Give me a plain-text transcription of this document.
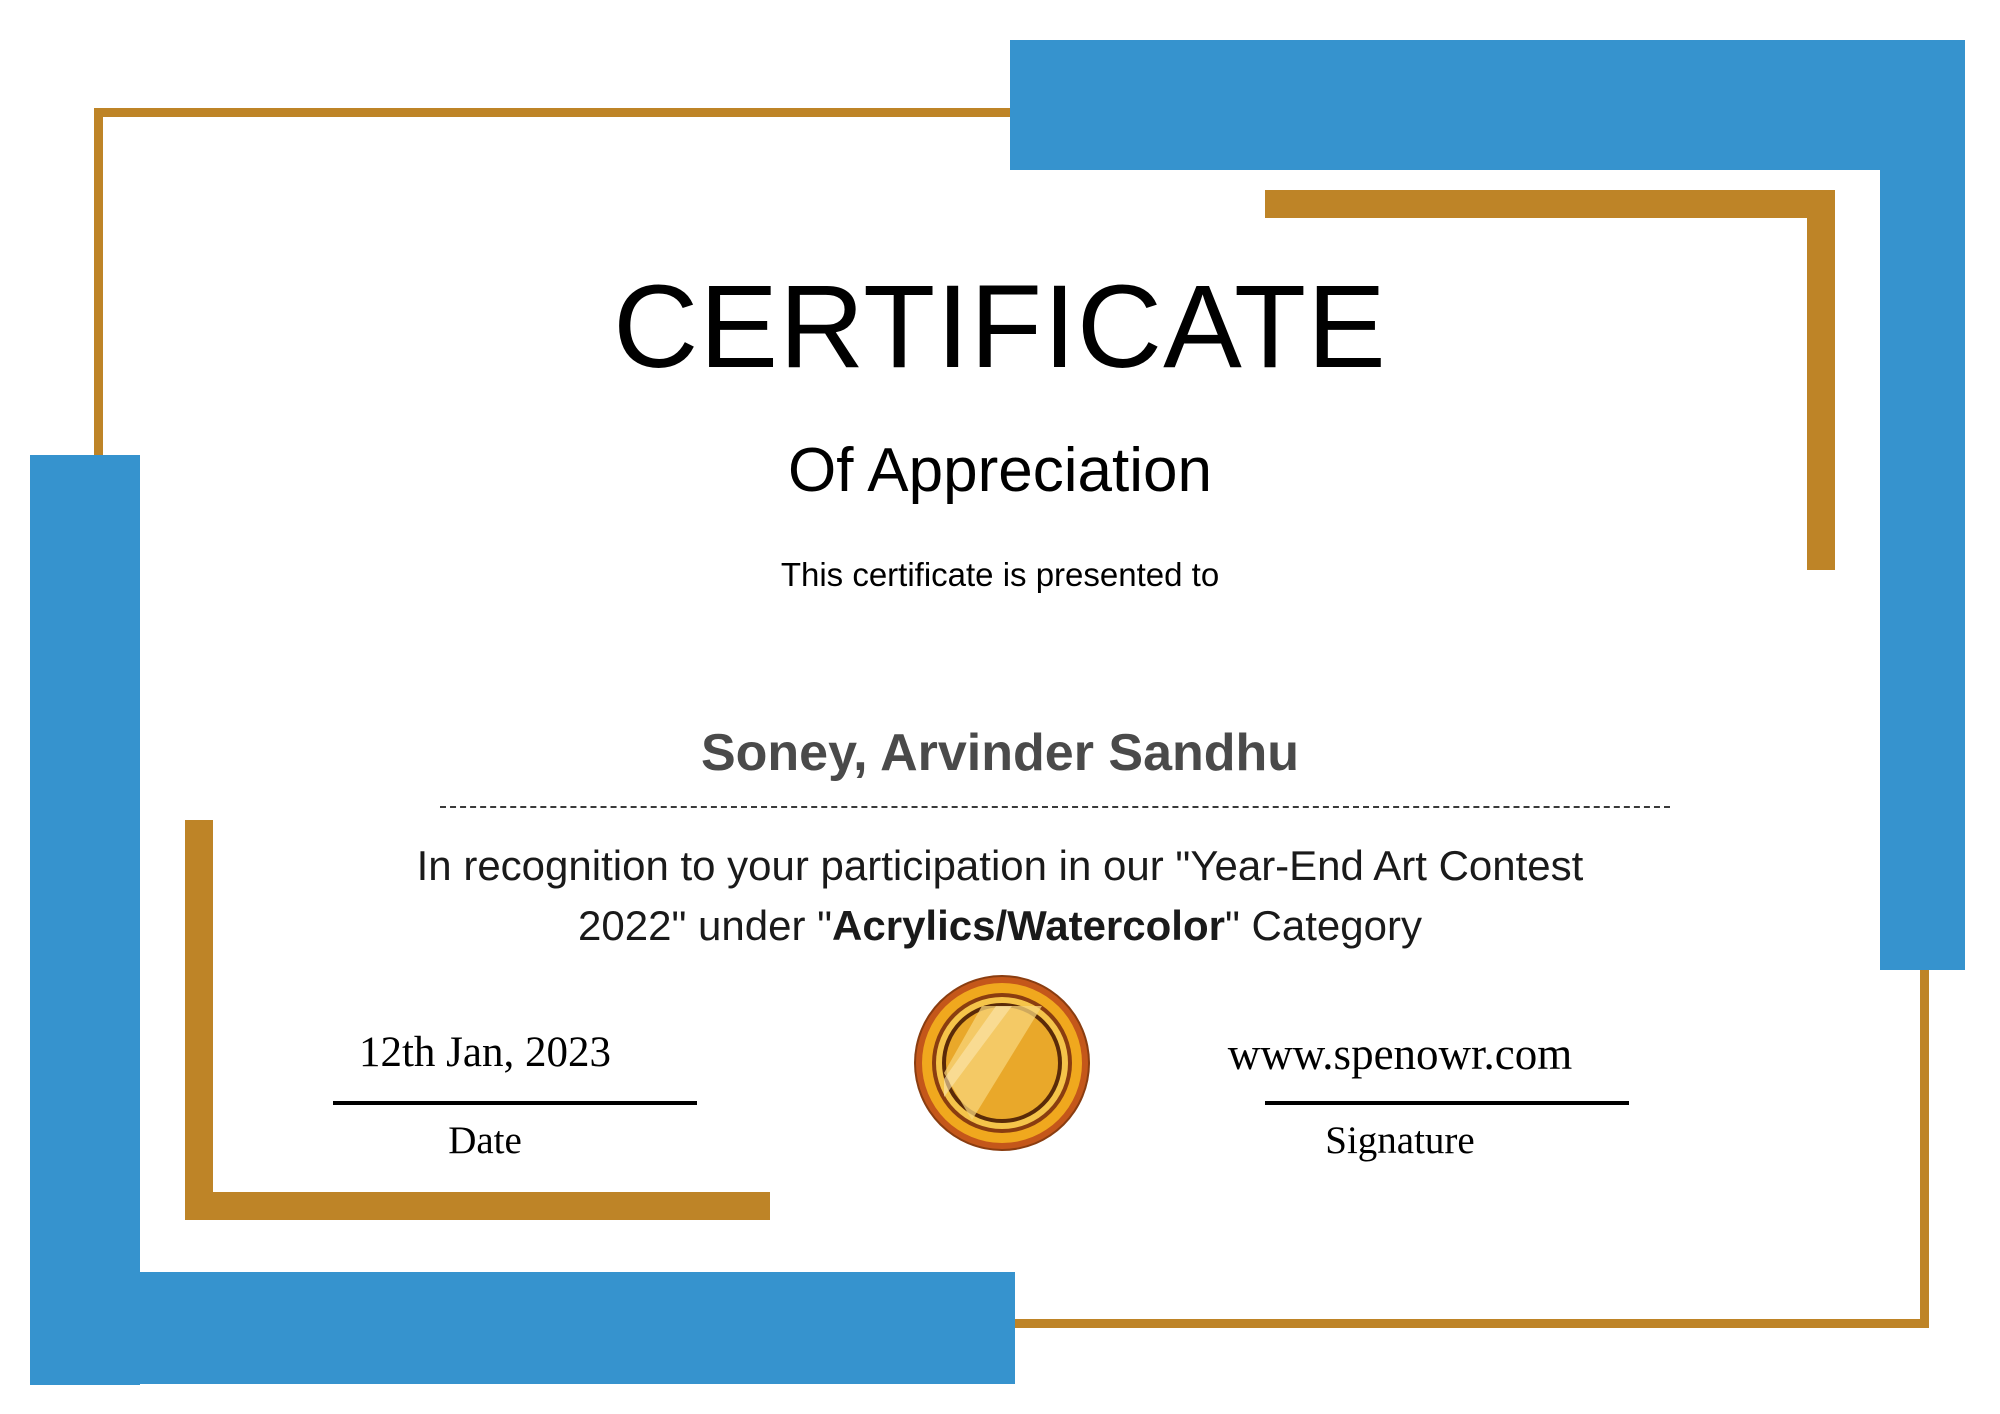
CERTIFICATE
Of Appreciation
This certificate is presented to
Soney, Arvinder Sandhu
In recognition to your participation in our "Year-End Art Contest 2022" under "Acrylics/Watercolor" Category
12th Jan, 2023
Date
www.spenowr.com
Signature
